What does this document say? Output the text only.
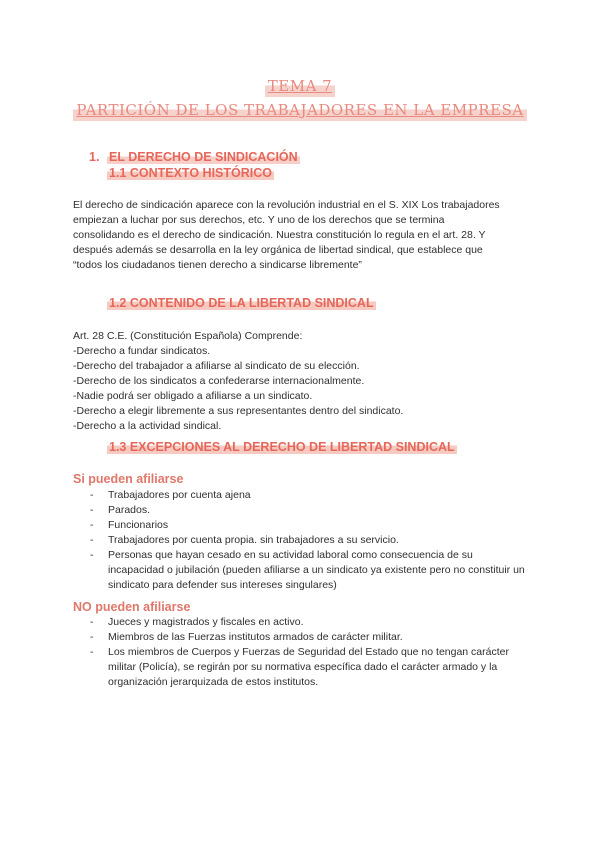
TEMA 7
PARTICIÓN DE LOS TRABAJADORES EN LA EMPRESA
1. EL DERECHO DE SINDICACIÓN
1.1 CONTEXTO HISTÓRICO
El derecho de sindicación aparece con la revolución industrial en el S. XIX Los trabajadores
empiezan a luchar por sus derechos, etc. Y uno de los derechos que se termina
consolidando es el derecho de sindicación. Nuestra constitución lo regula en el art. 28. Y
después además se desarrolla en la ley orgánica de libertad sindical, que establece que
“todos los ciudadanos tienen derecho a sindicarse libremente”
1.2 CONTENIDO DE LA LIBERTAD SINDICAL
Art. 28 C.E. (Constitución Española) Comprende:
-Derecho a fundar sindicatos.
-Derecho del trabajador a afiliarse al sindicato de su elección.
-Derecho de los sindicatos a confederarse internacionalmente.
-Nadie podrá ser obligado a afiliarse a un sindicato.
-Derecho a elegir libremente a sus representantes dentro del sindicato.
-Derecho a la actividad sindical.
1.3 EXCEPCIONES AL DERECHO DE LIBERTAD SINDICAL
Si pueden afiliarse
- Trabajadores por cuenta ajena
- Parados.
- Funcionarios
- Trabajadores por cuenta propia. sin trabajadores a su servicio.
- Personas que hayan cesado en su actividad laboral como consecuencia de su incapacidad o jubilación (pueden afiliarse a un sindicato ya existente pero no constituir un sindicato para defender sus intereses singulares)
NO pueden afiliarse
- Jueces y magistrados y fiscales en activo.
- Miembros de las Fuerzas institutos armados de carácter militar.
- Los miembros de Cuerpos y Fuerzas de Seguridad del Estado que no tengan carácter militar (Policía), se regirán por su normativa específica dado el carácter armado y la organización jerarquizada de estos institutos.
